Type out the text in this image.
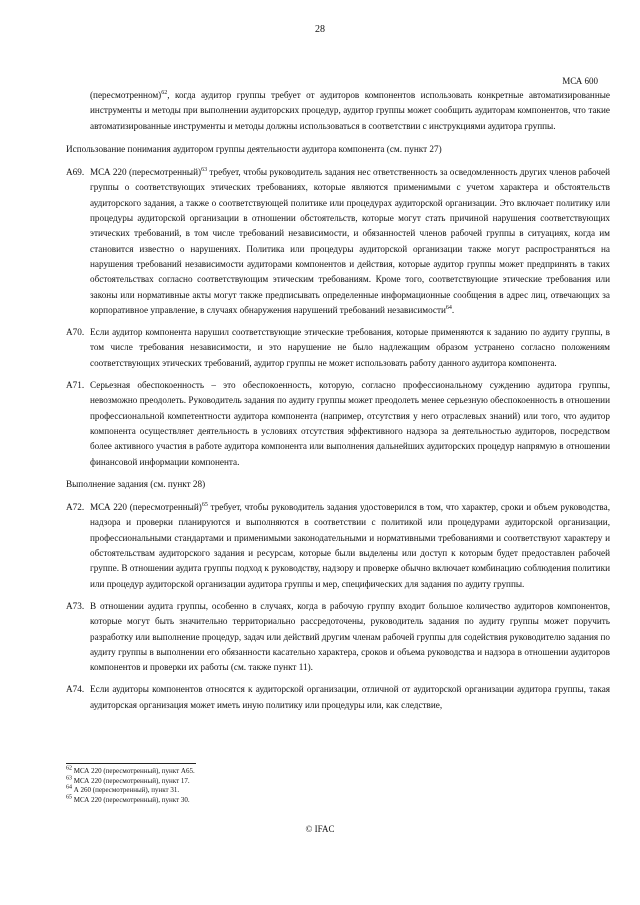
28
МСА 600

(пересмотренном)$^{62}$, когда аудитор группы требует от аудиторов компонентов использовать конкретные автоматизированные инструменты и методы при выполнении аудиторских процедур, аудитор группы может сообщить аудиторам компонентов, что такие автоматизированные инструменты и методы должны использоваться в соответствии с инструкциями аудитора группы.

Использование понимания аудитором группы деятельности аудитора компонента (см. пункт 27)
A69. МСА 220 (пересмотренный)$^{63}$ требует, чтобы руководитель задания нес ответственность за осведомленность других членов рабочей группы о соответствующих этических требованиях, которые являются применимыми с учетом характера и обстоятельств аудиторского задания, а также о соответствующей политике или процедурах аудиторской организации. Это включает политику или процедуры аудиторской организации в отношении обстоятельств, которые могут стать причиной нарушения соответствующих этических требований, в том числе требований независимости, и обязанностей членов рабочей группы в ситуациях, когда им становится известно о нарушениях. Политика или процедуры аудиторской организации также могут распространяться на нарушения требований независимости аудиторами компонентов и действия, которые аудитор группы может предпринять в таких обстоятельствах согласно соответствующим этическим требованиям. Кроме того, соответствующие этические требования или законы или нормативные акты могут также предписывать определенные информационные сообщения в адрес лиц, отвечающих за корпоративное управление, в случаях обнаружения нарушений требований независимости$^{64}$.
A70. Если аудитор компонента нарушил соответствующие этические требования, которые применяются к заданию по аудиту группы, в том числе требования независимости, и это нарушение не было надлежащим образом устранено согласно положениям соответствующих этических требований, аудитор группы не может использовать работу данного аудитора компонента.
A71. Серьезная обеспокоенность – это обеспокоенность, которую, согласно профессиональному суждению аудитора группы, невозможно преодолеть. Руководитель задания по аудиту группы может преодолеть менее серьезную обеспокоенность в отношении профессиональной компетентности аудитора компонента (например, отсутствия у него отраслевых знаний) или того, что аудитор компонента осуществляет деятельность в условиях отсутствия эффективного надзора за деятельностью аудиторов, посредством более активного участия в работе аудитора компонента или выполнения дальнейших аудиторских процедур напрямую в отношении финансовой информации компонента.
Выполнение задания (см. пункт 28)
A72. МСА 220 (пересмотренный)$^{65}$ требует, чтобы руководитель задания удостоверился в том, что характер, сроки и объем руководства, надзора и проверки планируются и выполняются в соответствии с политикой или процедурами аудиторской организации, профессиональными стандартами и применимыми законодательными и нормативными требованиями и соответствуют характеру и обстоятельствам аудиторского задания и ресурсам, которые были выделены или доступ к которым будет предоставлен рабочей группе. В отношении аудита группы подход к руководству, надзору и проверке обычно включает комбинацию соблюдения политики или процедур аудиторской организации аудитора группы и мер, специфических для задания по аудиту группы.
A73. В отношении аудита группы, особенно в случаях, когда в рабочую группу входит большое количество аудиторов компонентов, которые могут быть значительно территориально рассредоточены, руководитель задания по аудиту группы может поручить разработку или выполнение процедур, задач или действий другим членам рабочей группы для содействия руководителю задания по аудиту группы в выполнении его обязанности касательно характера, сроков и объема руководства и надзора в отношении аудиторов компонентов и проверки их работы (см. также пункт 11).
A74. Если аудиторы компонентов относятся к аудиторской организации, отличной от аудиторской организации аудитора группы, такая аудиторская организация может иметь иную политику или процедуры или, как следствие,
$^{62}$ МСА 220 (пересмотренный), пункт А65.
$^{63}$ МСА 220 (пересмотренный), пункт 17.
$^{64}$ А 260 (пересмотренный), пункт 31.
$^{65}$ МСА 220 (пересмотренный), пункт 30.
© IFAC
